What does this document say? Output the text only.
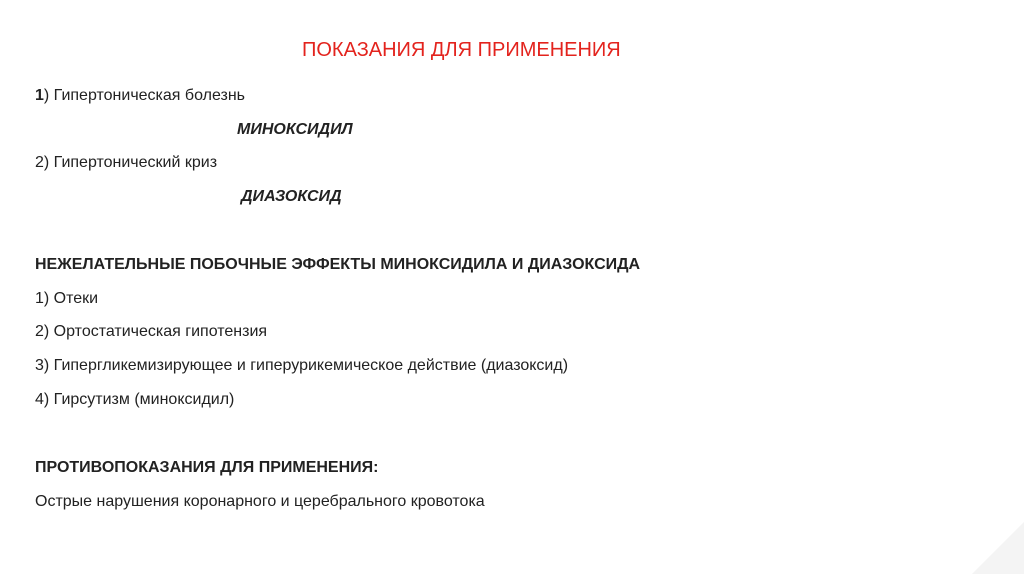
ПОКАЗАНИЯ ДЛЯ ПРИМЕНЕНИЯ
1) Гипертоническая болезнь
МИНОКСИДИЛ
2) Гипертонический криз
ДИАЗОКСИД
НЕЖЕЛАТЕЛЬНЫЕ ПОБОЧНЫЕ ЭФФЕКТЫ МИНОКСИДИЛА И ДИАЗОКСИДА
1) Отеки
2) Ортостатическая гипотензия
3) Гипергликемизирующее и гиперурикемическое действие (диазоксид)
4) Гирсутизм (миноксидил)
ПРОТИВОПОКАЗАНИЯ ДЛЯ ПРИМЕНЕНИЯ:
Острые нарушения коронарного и церебрального кровотока
